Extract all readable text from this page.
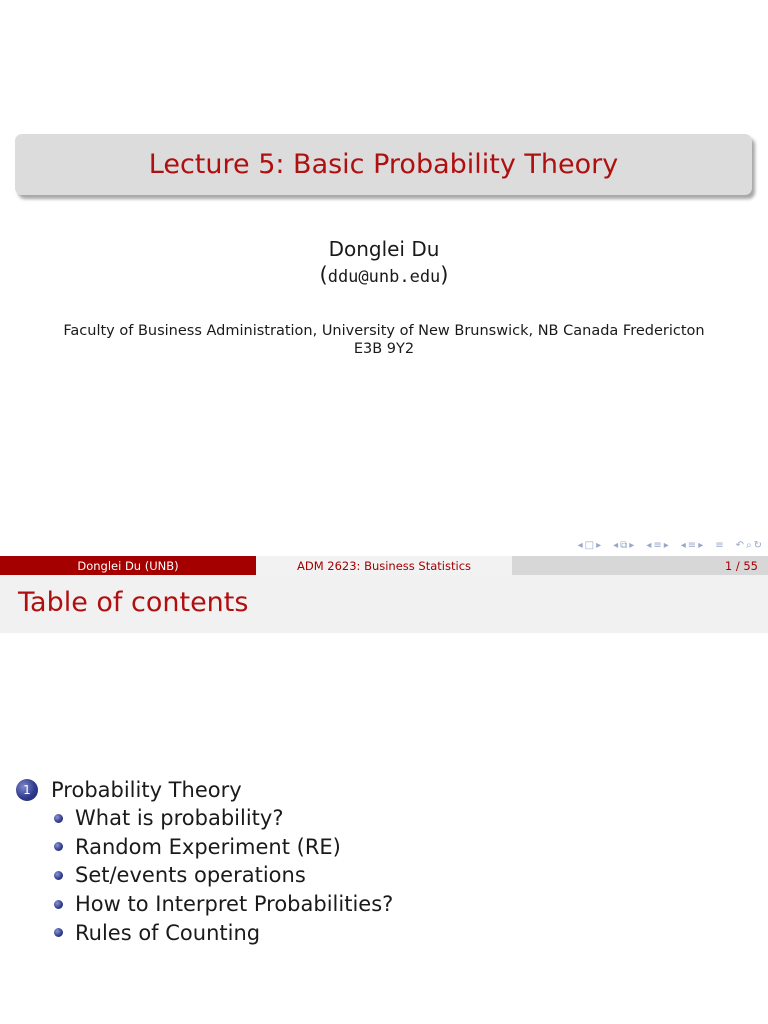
Lecture 5: Basic Probability Theory
Donglei Du
(ddu@unb.edu)
Faculty of Business Administration, University of New Brunswick, NB Canada Fredericton
E3B 9Y2
◂ □ ▸ ◂ ⧉ ▸ ◂ ≡ ▸ ◂ ≡ ▸ ≡ ↶ ⌕ ↻
Donglei Du (UNB)	ADM 2623: Business Statistics	1 / 55
Table of contents
1 Probability Theory
What is probability?
Random Experiment (RE)
Set/events operations
How to Interpret Probabilities?
Rules of Counting
